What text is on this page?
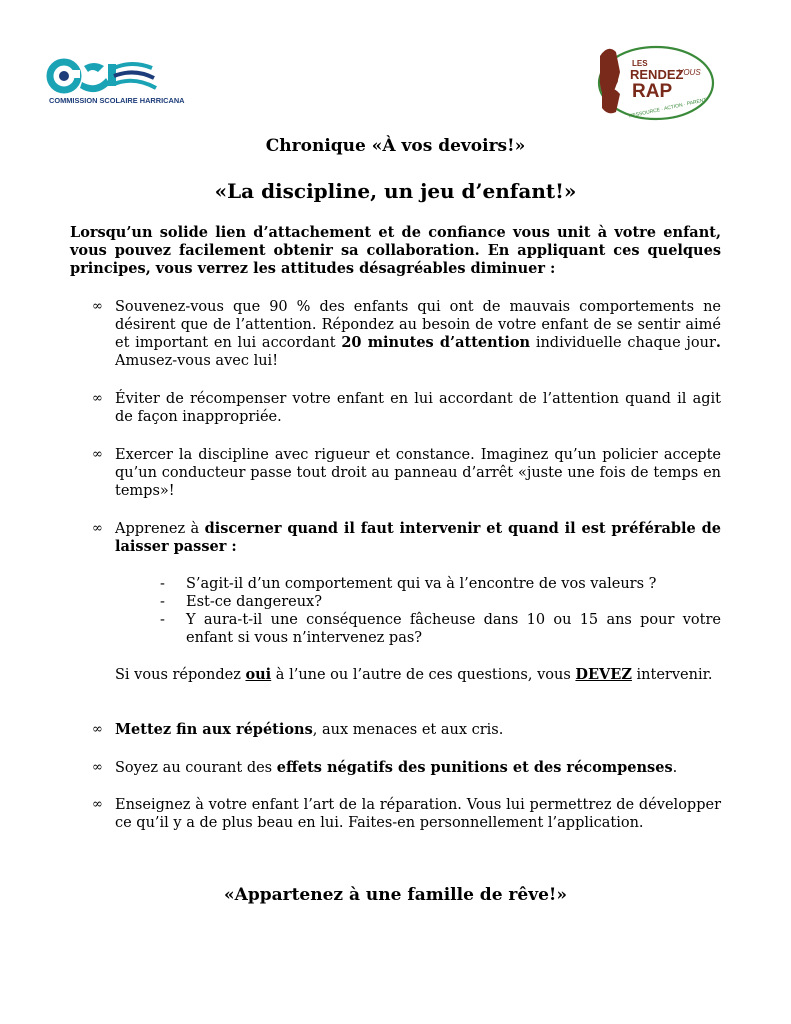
COMMISSION SCOLAIRE HARRICANA
LES
RENDEZ
VOUS
RAP
RESSOURCE · ACTION · PARENT
Chronique «À vos devoirs!»
«La discipline, un jeu d’enfant!»
Lorsqu’un solide lien d’attachement et de confiance vous unit à votre enfant, vous pouvez facilement obtenir sa collaboration. En appliquant ces quelques principes, vous verrez les attitudes désagréables diminuer :
∞ Souvenez-vous que 90 % des enfants qui ont de mauvais comportements ne désirent que de l’attention. Répondez au besoin de votre enfant de se sentir aimé et important en lui accordant 20 minutes d’attention individuelle chaque jour. Amusez-vous avec lui!
∞ Éviter de récompenser votre enfant en lui accordant de l’attention quand il agit de façon inappropriée.
∞ Exercer la discipline avec rigueur et constance. Imaginez qu’un policier accepte qu’un conducteur passe tout droit au panneau d’arrêt «juste une fois de temps en temps»!
∞ Apprenez à discerner quand il faut intervenir et quand il est préférable de laisser passer :
- S’agit-il d’un comportement qui va à l’encontre de vos valeurs ?
- Est-ce dangereux?
- Y aura-t-il une conséquence fâcheuse dans 10 ou 15 ans pour votre enfant si vous n’intervenez pas?
Si vous répondez oui à l’une ou l’autre de ces questions, vous DEVEZ intervenir.
∞ Mettez fin aux répétions, aux menaces et aux cris.
∞ Soyez au courant des effets négatifs des punitions et des récompenses.
∞ Enseignez à votre enfant l’art de la réparation. Vous lui permettrez de développer ce qu’il y a de plus beau en lui. Faites-en personnellement l’application.
«Appartenez à une famille de rêve!»
